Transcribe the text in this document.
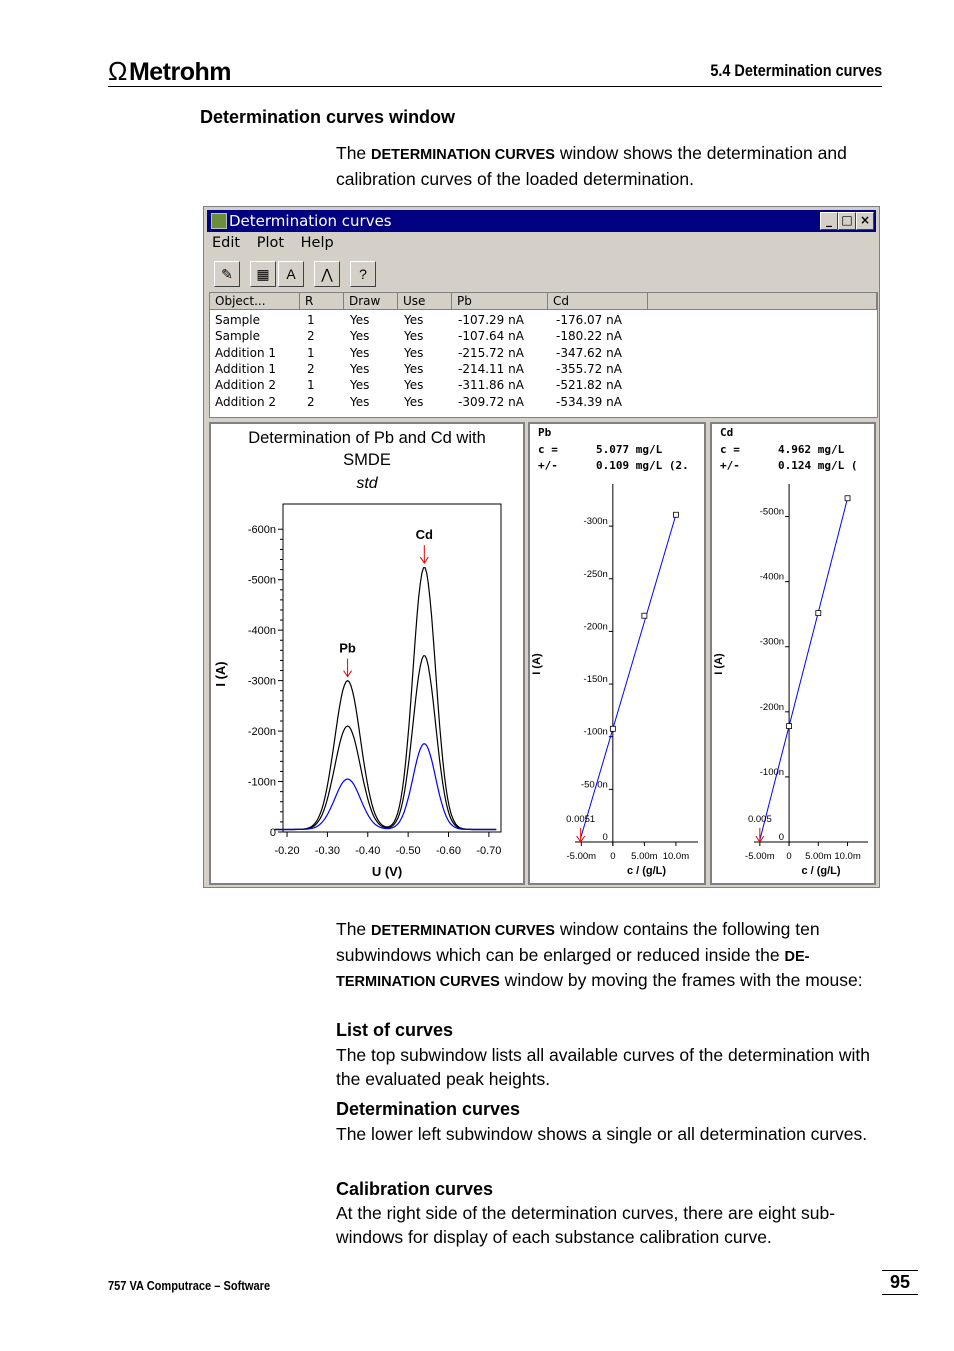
ΩMetrohm	5.4 Determination curves
Determination curves window
The DETERMINATION CURVES window shows the determination and calibration curves of the loaded determination.
Determination curves	_ □ ×
Edit Plot Help
✎	▦	A	⋀	?
Object...	R	Draw	Use	Pb	Cd
Sample	1	Yes	Yes	-107.29 nA	-176.07 nA
Sample	2	Yes	Yes	-107.64 nA	-180.22 nA
Addition 1	1	Yes	Yes	-215.72 nA	-347.62 nA
Addition 1	2	Yes	Yes	-214.11 nA	-355.72 nA
Addition 2	1	Yes	Yes	-311.86 nA	-521.82 nA
Addition 2	2	Yes	Yes	-309.72 nA	-534.39 nA
Determination of Pb and Cd with
SMDE
std
0
-100n
-200n
-300n
-400n
-500n
-600n
I (A)
-0.20 -0.30 -0.40 -0.50 -0.60 -0.70
U (V)
Pb
Cd
Pb
c =	5.077 mg/L
+/-	0.109 mg/L (2.
0
-50.0n
-100n
-150n
-200n
-250n
-300n
I (A)
-5.00m 0 5.00m 10.0m
c / (g/L)
0.0051
Cd
c =	4.962 mg/L
+/-	0.124 mg/L (
0
-100n
-200n
-300n
-400n
-500n
I (A)
-5.00m 0 5.00m 10.0m
c / (g/L)
0.005
The DETERMINATION CURVES window contains the following ten subwindows which can be enlarged or reduced inside the DE- TERMINATION CURVES window by moving the frames with the mouse:
List of curves
The top subwindow lists all available curves of the determination with the evaluated peak heights.
Determination curves
The lower left subwindow shows a single or all determination curves.
Calibration curves
At the right side of the determination curves, there are eight sub-windows for display of each substance calibration curve.
757 VA Computrace – Software	95
